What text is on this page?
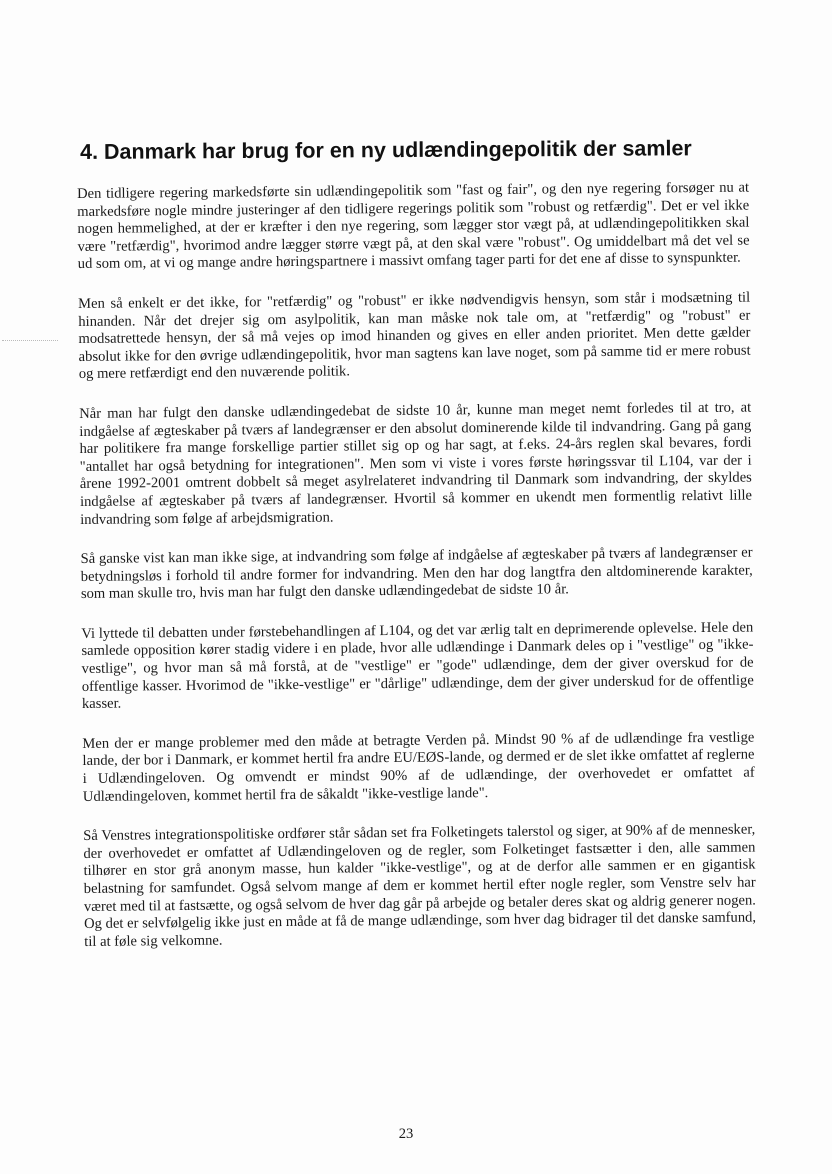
4. Danmark har brug for en ny udlændingepolitik der samler

Den tidligere regering markedsførte sin udlændingepolitik som "fast og fair", og den nye regering forsøger nu at markedsføre nogle mindre justeringer af den tidligere regerings politik som "robust og retfærdig". Det er vel ikke nogen hemmelighed, at der er kræfter i den nye regering, som lægger stor vægt på, at udlændingepolitikken skal være "retfærdig", hvorimod andre lægger større vægt på, at den skal være "robust". Og umiddelbart må det vel se ud som om, at vi og mange andre høringspartnere i massivt omfang tager parti for det ene af disse to synspunkter.

Men så enkelt er det ikke, for "retfærdig" og "robust" er ikke nødvendigvis hensyn, som står i modsætning til hinanden. Når det drejer sig om asylpolitik, kan man måske nok tale om, at "retfærdig" og "robust" er modsatrettede hensyn, der så må vejes op imod hinanden og gives en eller anden prioritet. Men dette gælder absolut ikke for den øvrige udlændingepolitik, hvor man sagtens kan lave noget, som på samme tid er mere robust og mere retfærdigt end den nuværende politik.

Når man har fulgt den danske udlændingedebat de sidste 10 år, kunne man meget nemt forledes til at tro, at indgåelse af ægteskaber på tværs af landegrænser er den absolut dominerende kilde til indvandring. Gang på gang har politikere fra mange forskellige partier stillet sig op og har sagt, at f.eks. 24-års reglen skal bevares, fordi "antallet har også betydning for integrationen". Men som vi viste i vores første høringssvar til L104, var der i årene 1992-2001 omtrent dobbelt så meget asylrelateret indvandring til Danmark som indvandring, der skyldes indgåelse af ægteskaber på tværs af landegrænser. Hvortil så kommer en ukendt men formentlig relativt lille indvandring som følge af arbejdsmigration.

Så ganske vist kan man ikke sige, at indvandring som følge af indgåelse af ægteskaber på tværs af landegrænser er betydningsløs i forhold til andre former for indvandring. Men den har dog langtfra den altdominerende karakter, som man skulle tro, hvis man har fulgt den danske udlændingedebat de sidste 10 år.

Vi lyttede til debatten under førstebehandlingen af L104, og det var ærlig talt en deprimerende oplevelse. Hele den samlede opposition kører stadig videre i en plade, hvor alle udlændinge i Danmark deles op i "vestlige" og "ikke-vestlige", og hvor man så må forstå, at de "vestlige" er "gode" udlændinge, dem der giver overskud for de offentlige kasser. Hvorimod de "ikke-vestlige" er "dårlige" udlændinge, dem der giver underskud for de offentlige kasser.

Men der er mange problemer med den måde at betragte Verden på. Mindst 90 % af de udlændinge fra vestlige lande, der bor i Danmark, er kommet hertil fra andre EU/EØS-lande, og dermed er de slet ikke omfattet af reglerne i Udlændingeloven. Og omvendt er mindst 90% af de udlændinge, der overhovedet er omfattet af Udlændingeloven, kommet hertil fra de såkaldt "ikke-vestlige lande".

Så Venstres integrationspolitiske ordfører står sådan set fra Folketingets talerstol og siger, at 90% af de mennesker, der overhovedet er omfattet af Udlændingeloven og de regler, som Folketinget fastsætter i den, alle sammen tilhører en stor grå anonym masse, hun kalder "ikke-vestlige", og at de derfor alle sammen er en gigantisk belastning for samfundet. Også selvom mange af dem er kommet hertil efter nogle regler, som Venstre selv har været med til at fastsætte, og også selvom de hver dag går på arbejde og betaler deres skat og aldrig generer nogen. Og det er selvfølgelig ikke just en måde at få de mange udlændinge, som hver dag bidrager til det danske samfund, til at føle sig velkomne.

23
